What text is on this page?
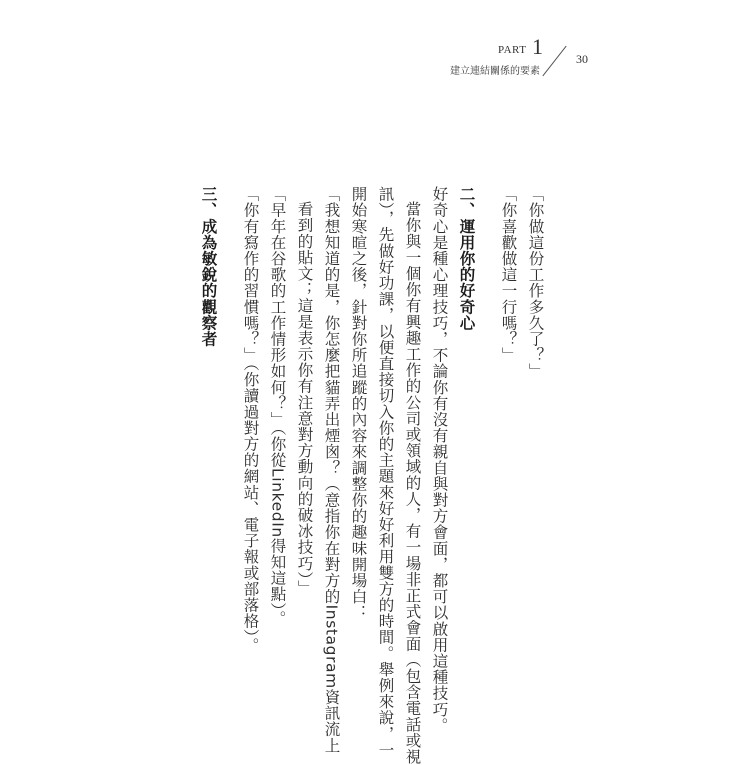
PART 1
建立連結關係的要素
30
「你做這份工作多久了？」
「你喜歡做這一行嗎？」
二、運用你的好奇心
好奇心是種心理技巧，不論你有沒有親自與對方會面，都可以啟用這種技巧。
當你與一個你有興趣工作的公司或領域的人，有一場非正式會面（包含電話或視
訊），先做好功課，以便直接切入你的主題來好好利用雙方的時間。舉例來說，一
開始寒暄之後，針對你所追蹤的內容來調整你的趣味開場白：
「我想知道的是，你怎麼把貓弄出煙囪？（意指你在對方的Instagram資訊流上
看到的貼文；這是表示你有注意對方動向的破冰技巧）」
「早年在谷歌的工作情形如何？」（你從LinkedIn得知這點）。
「你有寫作的習慣嗎？」（你讀過對方的網站、電子報或部落格）。
三、成為敏銳的觀察者
